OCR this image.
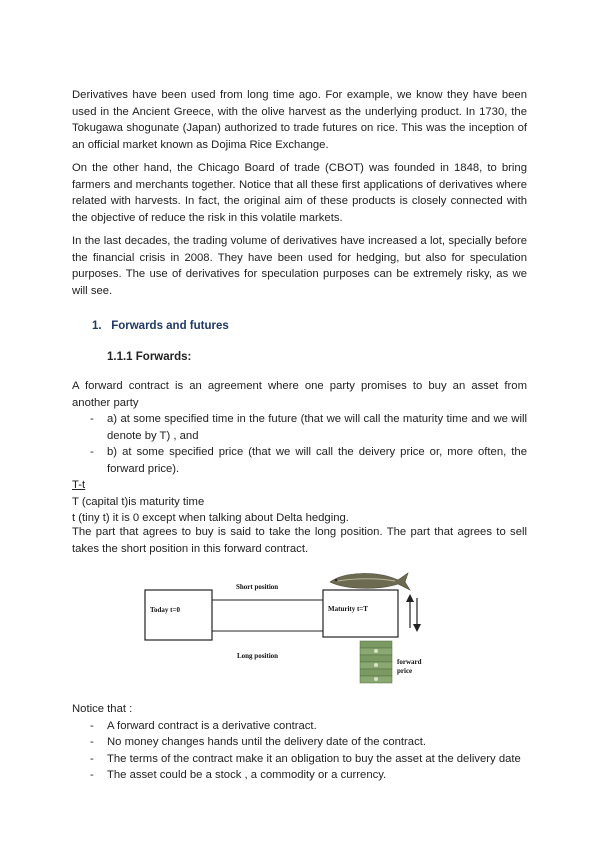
Derivatives have been used from long time ago. For example, we know they have been used in the Ancient Greece, with the olive harvest as the underlying product. In 1730, the Tokugawa shogunate (Japan) authorized to trade futures on rice. This was the inception of an official market known as Dojima Rice Exchange.

On the other hand, the Chicago Board of trade (CBOT) was founded in 1848, to bring farmers and merchants together. Notice that all these first applications of derivatives where related with harvests. In fact, the original aim of these products is closely connected with the objective of reduce the risk in this volatile markets.

In the last decades, the trading volume of derivatives have increased a lot, specially before the financial crisis in 2008. They have been used for hedging, but also for speculation purposes. The use of derivatives for speculation purposes can be extremely risky, as we will see.

1. Forwards and futures
1.1.1 Forwards:

A forward contract is an agreement where one party promises to buy an asset from another party

- a) at some specified time in the future (that we will call the maturity time and we will denote by T) , and
- b) at some specified price (that we will call the deivery price or, more often, the forward price).

T-t

T (capital t)is maturity time

t (tiny t) it is 0 except when talking about Delta hedging.

The part that agrees to buy is said to take the long position. The part that agrees to sell takes the short position in this forward contract.

Today t=0
Short position
Long position
Maturity t=T
forward
price

Notice that :

- A forward contract is a derivative contract.
- No money changes hands until the delivery date of the contract.
- The terms of the contract make it an obligation to buy the asset at the delivery date
- The asset could be a stock , a commodity or a currency.
